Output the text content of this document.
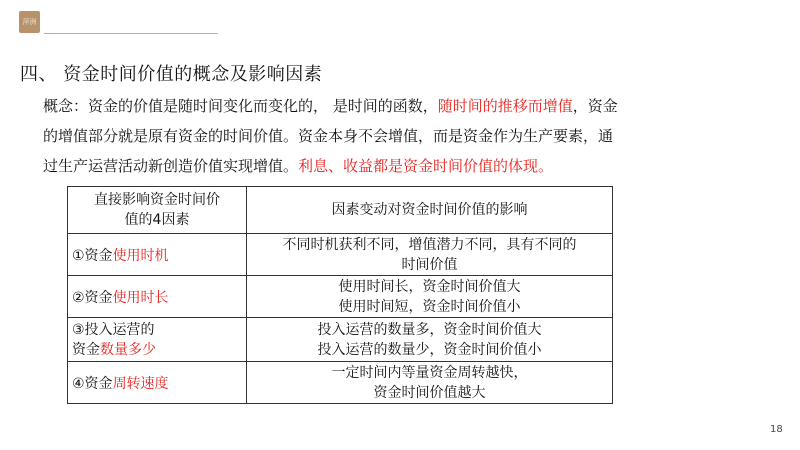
萍洲
四、 资金时间价值的概念及影响因素
概念：资金的价值是随时间变化而变化的， 是时间的函数，随时间的推移而增值，资金
的增值部分就是原有资金的时间价值。资金本身不会增值，而是资金作为生产要素，通
过生产运营活动新创造价值实现增值。利息、收益都是资金时间价值的体现。
直接影响资金时间价
值的4因素	因素变动对资金时间价值的影响
①资金使用时机	不同时机获利不同，增值潜力不同，具有不同的
时间价值
②资金使用时长	使用时间长，资金时间价值大
使用时间短，资金时间价值小
③投入运营的
资金数量多少	投入运营的数量多，资金时间价值大
投入运营的数量少，资金时间价值小
④资金周转速度	一定时间内等量资金周转越快，
资金时间价值越大
18
